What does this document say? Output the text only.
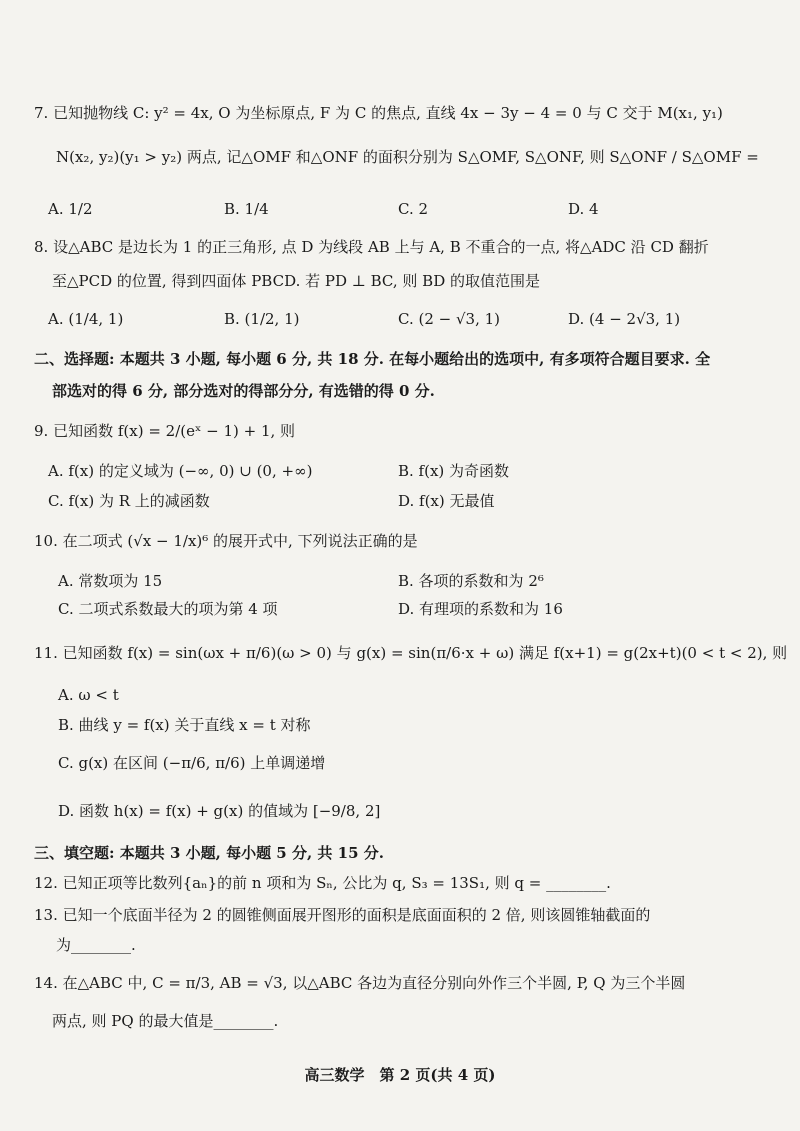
7. 已知抛物线 C: y² = 4x, O 为坐标原点, F 为 C 的焦点, 直线 4x − 3y − 4 = 0 与 C 交于 M(x₁, y₁)
N(x₂, y₂)(y₁ > y₂) 两点, 记△OMF 和△ONF 的面积分别为 S△OMF, S△ONF, 则 S△ONF / S△OMF =
A. 1/2	B. 1/4	C. 2	D. 4
8. 设△ABC 是边长为 1 的正三角形, 点 D 为线段 AB 上与 A, B 不重合的一点, 将△ADC 沿 CD 翻折
至△PCD 的位置, 得到四面体 PBCD. 若 PD ⊥ BC, 则 BD 的取值范围是
A. (1/4, 1)	B. (1/2, 1)	C. (2 − √3, 1)	D. (4 − 2√3, 1)
二、选择题: 本题共 3 小题, 每小题 6 分, 共 18 分. 在每小题给出的选项中, 有多项符合题目要求. 全
部选对的得 6 分, 部分选对的得部分分, 有选错的得 0 分.
9. 已知函数 f(x) = 2/(eˣ − 1) + 1, 则
A. f(x) 的定义域为 (−∞, 0) ∪ (0, +∞)	B. f(x) 为奇函数
C. f(x) 为 R 上的减函数	D. f(x) 无最值
10. 在二项式 (√x − 1/x)⁶ 的展开式中, 下列说法正确的是
A. 常数项为 15	B. 各项的系数和为 2⁶
C. 二项式系数最大的项为第 4 项	D. 有理项的系数和为 16
11. 已知函数 f(x) = sin(ωx + π/6)(ω > 0) 与 g(x) = sin(π/6·x + ω) 满足 f(x+1) = g(2x+t)(0 < t < 2), 则
A. ω < t
B. 曲线 y = f(x) 关于直线 x = t 对称
C. g(x) 在区间 (−π/6, π/6) 上单调递增
D. 函数 h(x) = f(x) + g(x) 的值域为 [−9/8, 2]
三、填空题: 本题共 3 小题, 每小题 5 分, 共 15 分.
12. 已知正项等比数列{aₙ}的前 n 项和为 Sₙ, 公比为 q, S₃ = 13S₁, 则 q = ________.
13. 已知一个底面半径为 2 的圆锥侧面展开图形的面积是底面面积的 2 倍, 则该圆锥轴截面的
为________.
14. 在△ABC 中, C = π/3, AB = √3, 以△ABC 各边为直径分别向外作三个半圆, P, Q 为三个半圆
两点, 则 PQ 的最大值是________.
高三数学　第 2 页(共 4 页)
